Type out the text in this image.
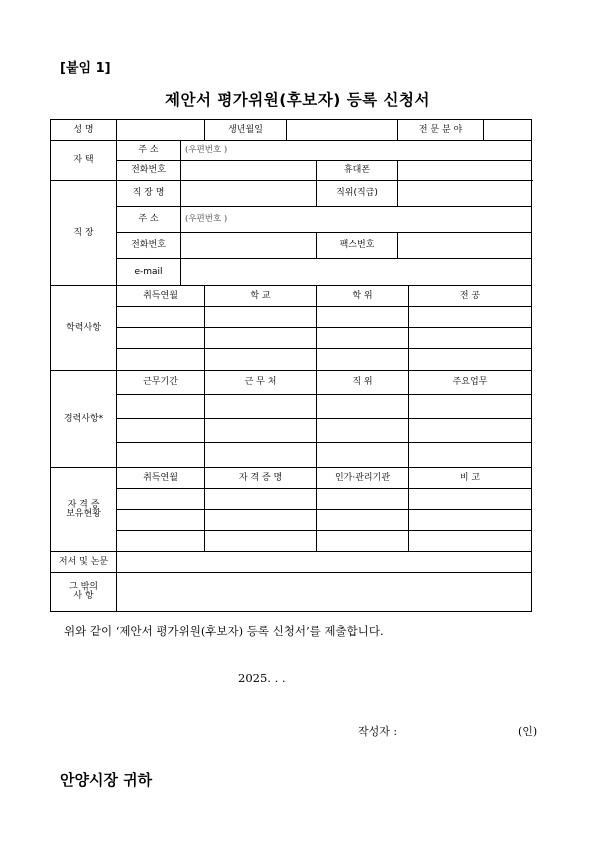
[붙임 1]
제안서 평가위원(후보자) 등록 신청서
성 명			생년월일			전 문 분 야		
자 택	주 소	(우편번호 )						
	전화번호				휴대폰			
직 장	직 장 명				직위(직급)			
	주 소	(우편번호 )						
	전화번호				팩스번호			
	e-mail							
학력사항	취득연월		학 교		학 위		전 공	

경력사항*	근무기간		근 무 처		직 위		주요업무	

자 격 증
보유현황	취득연월		자 격 증 명		인가·관리기관		비 고	

저서 및 논문								
그 밖의
사 항								
위와 같이 ‘제안서 평가위원(후보자) 등록 신청서’를 제출합니다.
2025. . .
작성자 :	(인)
안양시장 귀하
